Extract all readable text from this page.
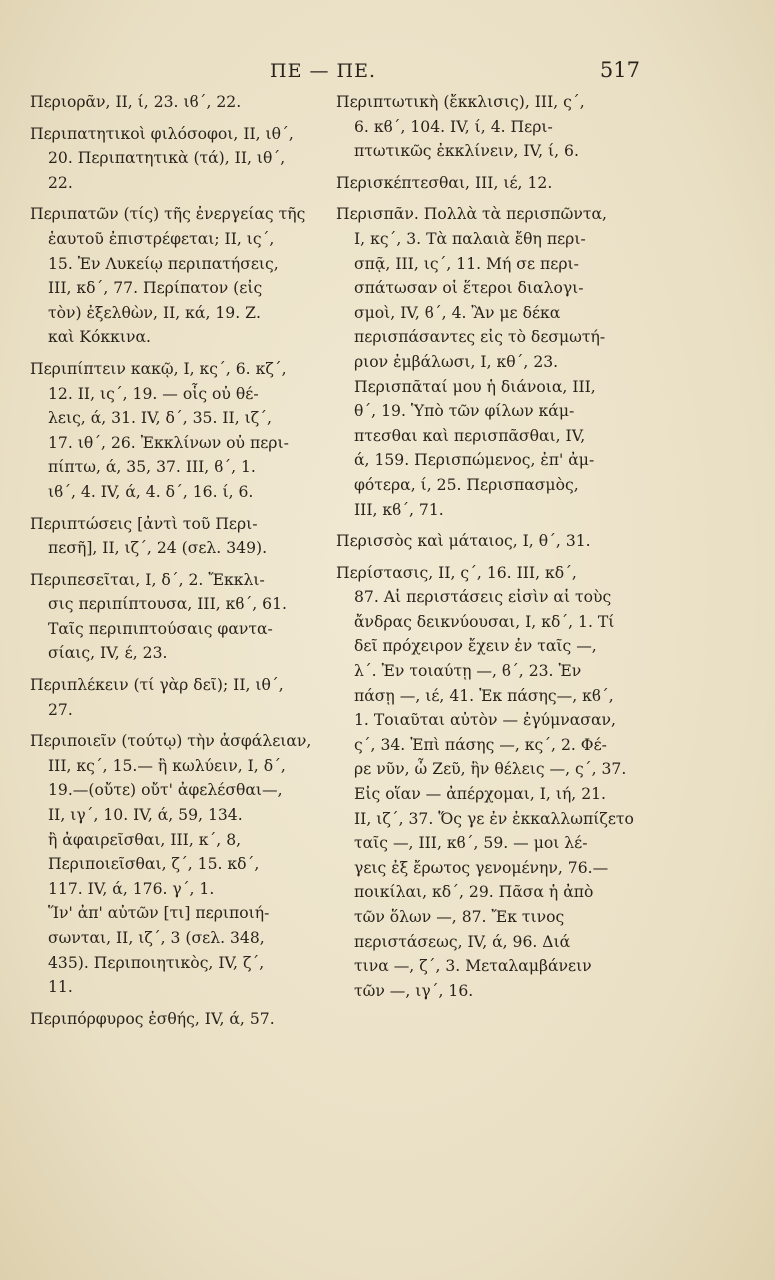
ΠΕ — ΠΕ.	517
Περιορᾶν, II, ί, 23. ιϐ΄, 22.
Περιπατητικοὶ φιλόσοφοι, II, ιθ΄,
20. Περιπατητικὰ (τά), II, ιθ΄,
22.
Περιπατῶν (τίς) τῆς ἐνεργείας τῆς
ἑαυτοῦ ἐπιστρέφεται; II, ις΄,
15. Ἐν Λυκείῳ περιπατήσεις,
III, κδ΄, 77. Περίπατον (εἰς
τὸν) ἐξελθὼν, II, κά, 19. Ζ.
καὶ Κόκκινα.
Περιπίπτειν κακῷ, I, κς΄, 6. κζ΄,
12. II, ις΄, 19. — οἷς οὐ θέ-
λεις, ά, 31. IV, δ΄, 35. II, ιζ΄,
17. ιθ΄, 26. Ἐκκλίνων οὐ περι-
πίπτω, ά, 35, 37. III, ϐ΄, 1.
ιϐ΄, 4. IV, ά, 4. δ΄, 16. ί, 6.
Περιπτώσεις [ἀντὶ τοῦ Περι-
πεσῆ], II, ιζ΄, 24 (σελ. 349).
Περιπεσεῖται, I, δ΄, 2. Ἔκκλι-
σις περιπίπτουσα, III, κϐ΄, 61.
Ταῖς περιπιπτούσαις φαντα-
σίαις, IV, έ, 23.
Περιπλέκειν (τί γὰρ δεῖ); II, ιθ΄,
27.
Περιποιεῖν (τούτῳ) τὴν ἀσφάλειαν,
III, κς΄, 15.— ἢ κωλύειν, I, δ΄,
19.—(οὔτε) οὔτ' ἀφελέσθαι—,
II, ιγ΄, 10. IV, ά, 59, 134.
ἢ ἀφαιρεῖσθαι, III, κ΄, 8,
Περιποιεῖσθαι, ζ΄, 15. κδ΄,
117. IV, ά, 176. γ΄, 1.
Ἵν' ἀπ' αὐτῶν [τι] περιποιή-
σωνται, II, ιζ΄, 3 (σελ. 348,
435). Περιποιητικὸς, IV, ζ΄,
11.
Περιπόρφυρος ἐσθής, IV, ά, 57.
Περιπτωτικὴ (ἔκκλισις), III, ς΄,
6. κϐ΄, 104. IV, ί, 4. Περι-
πτωτικῶς ἐκκλίνειν, IV, ί, 6.
Περισκέπτεσθαι, III, ιέ, 12.
Περισπᾶν. Πολλὰ τὰ περισπῶντα,
I, κς΄, 3. Τὰ παλαιὰ ἔθη περι-
σπᾷ, III, ις΄, 11. Μή σε περι-
σπάτωσαν οἱ ἕτεροι διαλογι-
σμοὶ, IV, ϐ΄, 4. Ἂν με δέκα
περισπάσαντες εἰς τὸ δεσμωτή-
ριον ἐμβάλωσι, I, κθ΄, 23.
Περισπᾶταί μου ἡ διάνοια, III,
θ΄, 19. Ὑπὸ τῶν φίλων κάμ-
πτεσθαι καὶ περισπᾶσθαι, IV,
ά, 159. Περισπώμενος, ἐπ' ἀμ-
φότερα, ί, 25. Περισπασμὸς,
III, κϐ΄, 71.
Περισσὸς καὶ μάταιος, I, θ΄, 31.
Περίστασις, II, ς΄, 16. III, κδ΄,
87. Αἱ περιστάσεις εἰσὶν αἱ τοὺς
ἄνδρας δεικνύουσαι, I, κδ΄, 1. Τί
δεῖ πρόχειρον ἔχειν ἐν ταῖς —,
λ΄. Ἐν τοιαύτῃ —, ϐ΄, 23. Ἐν
πάσῃ —, ιέ, 41. Ἐκ πάσης—, κϐ΄,
1. Τοιαῦται αὐτὸν — ἐγύμνασαν,
ς΄, 34. Ἐπὶ πάσης —, κς΄, 2. Φέ-
ρε νῦν, ὦ Ζεῦ, ἣν θέλεις —, ς΄, 37.
Εἰς οἵαν — ἀπέρχομαι, I, ιή, 21.
II, ιζ΄, 37. Ὅς γε ἐν ἐκκαλλωπίζετο
ταῖς —, III, κϐ΄, 59. — μοι λέ-
γεις ἐξ ἔρωτος γενομένην, 76.—
ποικίλαι, κδ΄, 29. Πᾶσα ἡ ἀπὸ
τῶν ὅλων —, 87. Ἔκ τινος
περιστάσεως, IV, ά, 96. Διά
τινα —, ζ΄, 3. Μεταλαμβάνειν
τῶν —, ιγ΄, 16.
